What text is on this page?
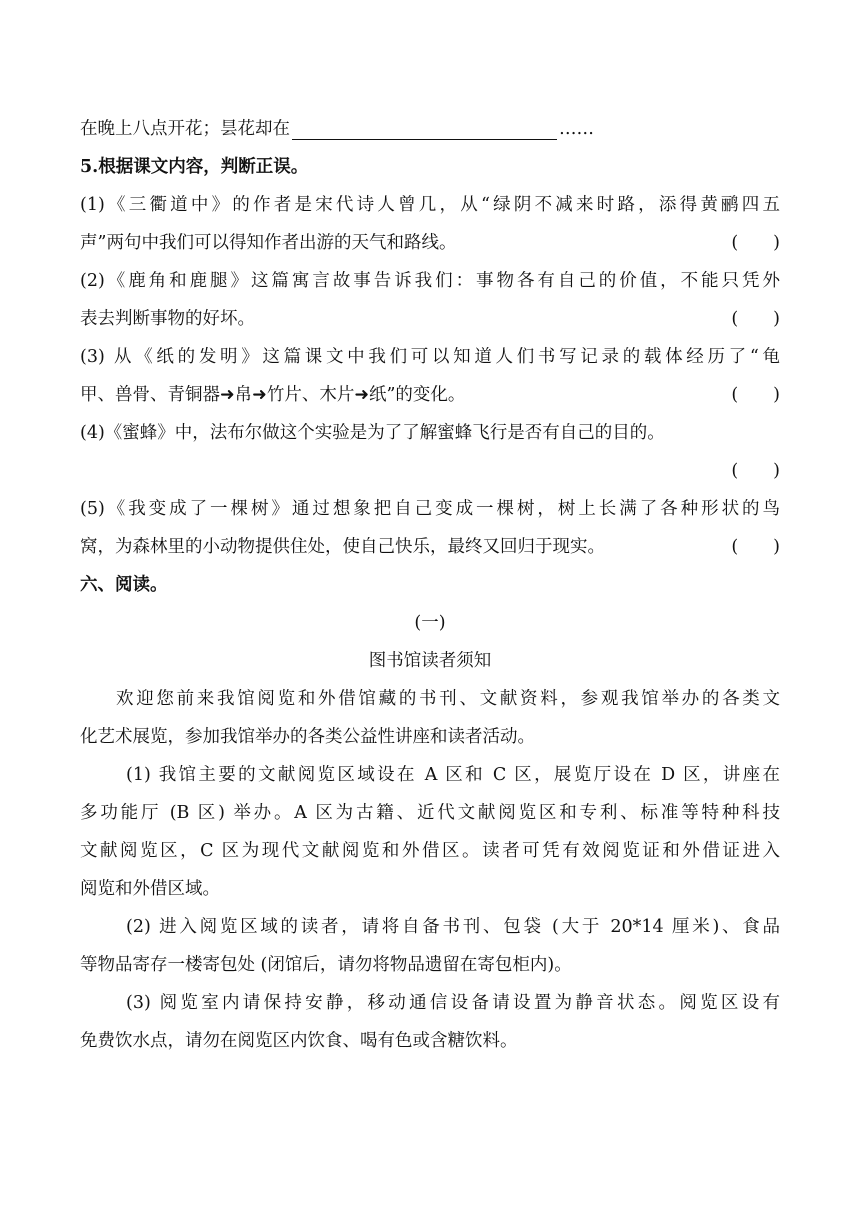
在晚上八点开花；昙花却在	……
5.根据课文内容，判断正误。
(1)《三衢道中》的作者是宋代诗人曾几，从“绿阴不减来时路，添得黄鹂四五
声”两句中我们可以得知作者出游的天气和路线。	(　　)
(2)《鹿角和鹿腿》这篇寓言故事告诉我们：事物各有自己的价值，不能只凭外
表去判断事物的好坏。	(　　)
(3) 从《纸的发明》这篇课文中我们可以知道人们书写记录的载体经历了“龟
甲、兽骨、青铜器➜帛➜竹片、木片➜纸”的变化。	(　　)
(4)《蜜蜂》中，法布尔做这个实验是为了了解蜜蜂飞行是否有自己的目的。
(　　)
(5)《我变成了一棵树》通过想象把自己变成一棵树，树上长满了各种形状的鸟
窝，为森林里的小动物提供住处，使自己快乐，最终又回归于现实。	(　　)
六、阅读。
(一)
图书馆读者须知
欢迎您前来我馆阅览和外借馆藏的书刊、文献资料，参观我馆举办的各类文
化艺术展览，参加我馆举办的各类公益性讲座和读者活动。
(1) 我馆主要的文献阅览区域设在 A 区和 C 区，展览厅设在 D 区，讲座在
多功能厅 (B 区) 举办。A 区为古籍、近代文献阅览区和专利、标准等特种科技
文献阅览区，C 区为现代文献阅览和外借区。读者可凭有效阅览证和外借证进入
阅览和外借区域。
(2) 进入阅览区域的读者，请将自备书刊、包袋 (大于 20*14 厘米)、食品
等物品寄存一楼寄包处 (闭馆后，请勿将物品遗留在寄包柜内)。
(3) 阅览室内请保持安静，移动通信设备请设置为静音状态。阅览区设有
免费饮水点，请勿在阅览区内饮食、喝有色或含糖饮料。
